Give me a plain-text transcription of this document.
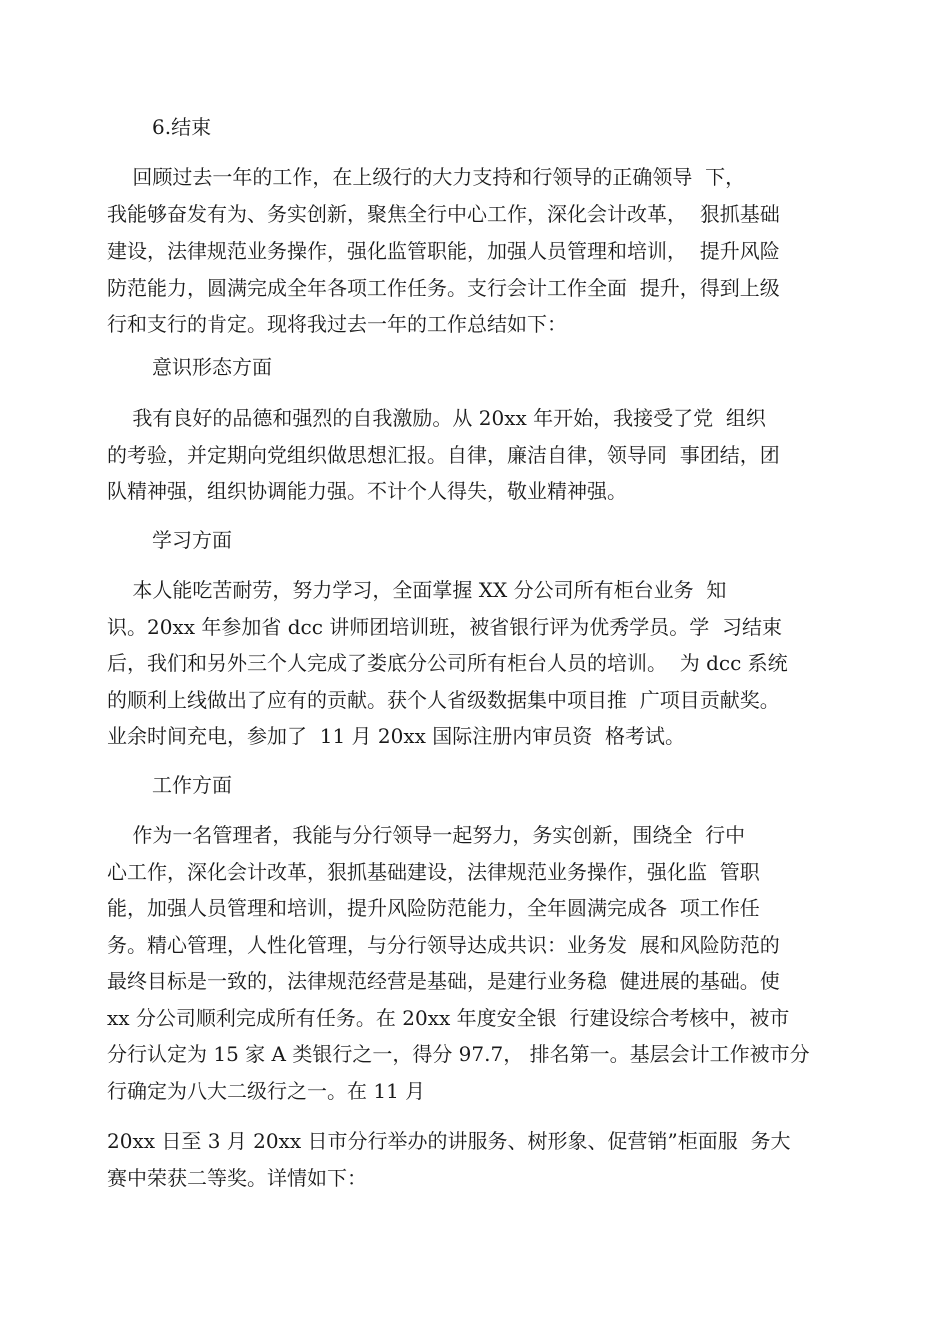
6.结束
回顾过去一年的工作，在上级行的大力支持和行领导的正确领导  下，
我能够奋发有为、务实创新，聚焦全行中心工作，深化会计改革，  狠抓基础
建设，法律规范业务操作，强化监管职能，加强人员管理和培训，  提升风险
防范能力，圆满完成全年各项工作任务。支行会计工作全面  提升，得到上级
行和支行的肯定。现将我过去一年的工作总结如下：
意识形态方面
我有良好的品德和强烈的自我激励。从 20xx 年开始，我接受了党  组织
的考验，并定期向党组织做思想汇报。自律，廉洁自律，领导同  事团结，团
队精神强，组织协调能力强。不计个人得失，敬业精神强。
学习方面
本人能吃苦耐劳，努力学习，全面掌握 XX 分公司所有柜台业务  知
识。20xx 年参加省 dcc 讲师团培训班，被省银行评为优秀学员。学  习结束
后，我们和另外三个人完成了娄底分公司所有柜台人员的培训。  为 dcc 系统
的顺利上线做出了应有的贡献。获个人省级数据集中项目推  广项目贡献奖。
业余时间充电，参加了  11 月 20xx 国际注册内审员资  格考试。
工作方面
作为一名管理者，我能与分行领导一起努力，务实创新，围绕全  行中
心工作，深化会计改革，狠抓基础建设，法律规范业务操作，强化监  管职
能，加强人员管理和培训，提升风险防范能力，全年圆满完成各  项工作任
务。精心管理，人性化管理，与分行领导达成共识：业务发  展和风险防范的
最终目标是一致的，法律规范经营是基础，是建行业务稳  健进展的基础。使
xx 分公司顺利完成所有任务。在 20xx 年度安全银  行建设综合考核中，被市
分行认定为 15 家 A 类银行之一，得分 97.7， 排名第一。基层会计工作被市分
行确定为八大二级行之一。在 11 月
20xx 日至 3 月 20xx 日市分行举办的讲服务、树形象、促营销”柜面服  务大
赛中荣获二等奖。详情如下：
